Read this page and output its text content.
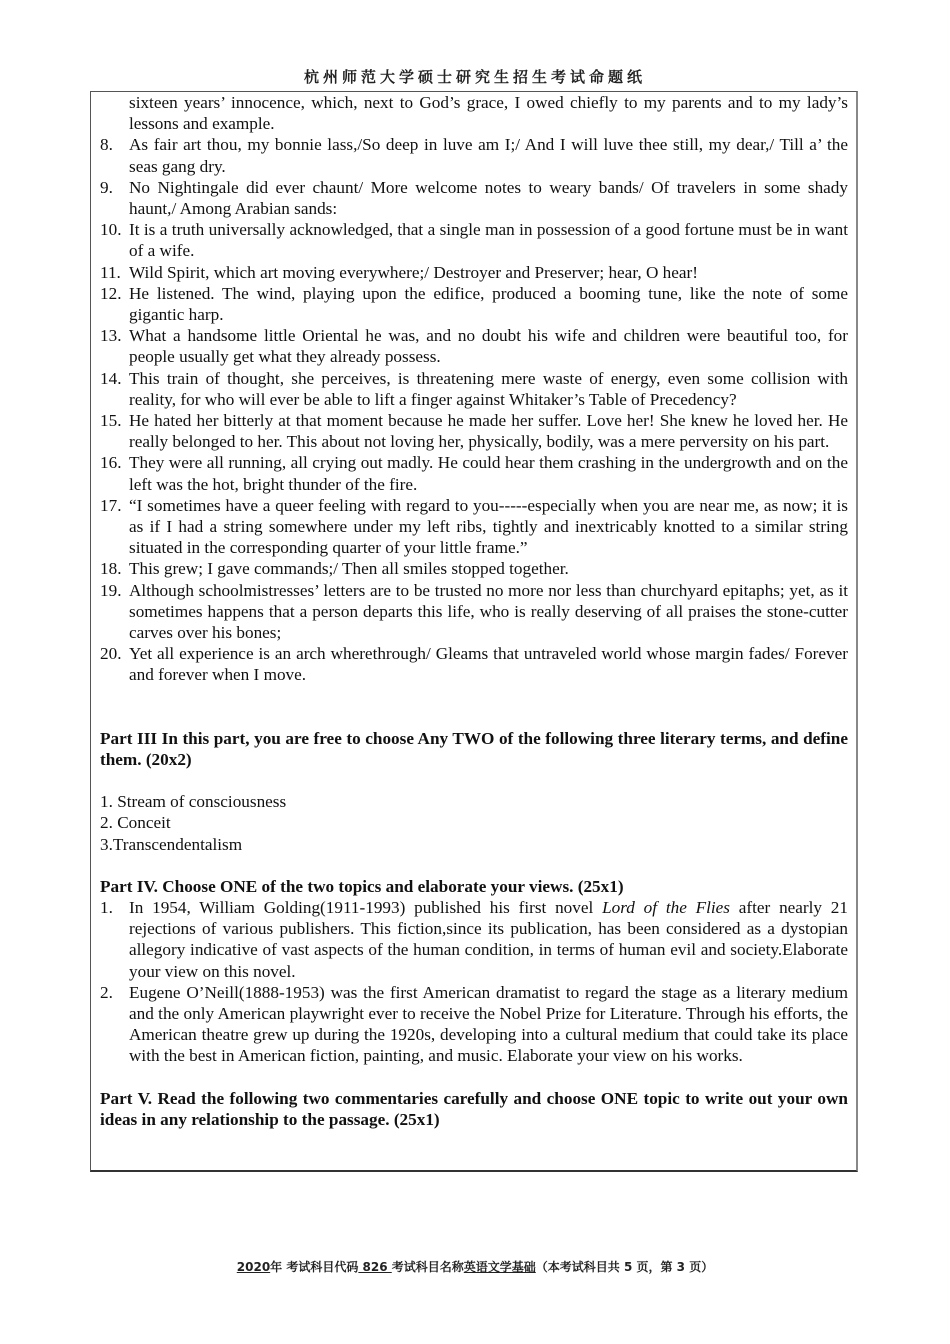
杭州师范大学硕士研究生招生考试命题纸
sixteen years’ innocence, which, next to God’s grace, I owed chiefly to my parents and to my lady’s lessons and example.
8. As fair art thou, my bonnie lass,/So deep in luve am I;/ And I will luve thee still, my dear,/ Till a’ the seas gang dry.
9. No Nightingale did ever chaunt/ More welcome notes to weary bands/ Of travelers in some shady haunt,/ Among Arabian sands:
10. It is a truth universally acknowledged, that a single man in possession of a good fortune must be in want of a wife.
11. Wild Spirit, which art moving everywhere;/ Destroyer and Preserver; hear, O hear!
12. He listened. The wind, playing upon the edifice, produced a booming tune, like the note of some gigantic harp.
13. What a handsome little Oriental he was, and no doubt his wife and children were beautiful too, for people usually get what they already possess.
14. This train of thought, she perceives, is threatening mere waste of energy, even some collision with reality, for who will ever be able to lift a finger against Whitaker’s Table of Precedency?
15. He hated her bitterly at that moment because he made her suffer. Love her! She knew he loved her. He really belonged to her. This about not loving her, physically, bodily, was a mere perversity on his part.
16. They were all running, all crying out madly. He could hear them crashing in the undergrowth and on the left was the hot, bright thunder of the fire.
17. “I sometimes have a queer feeling with regard to you-----especially when you are near me, as now; it is as if I had a string somewhere under my left ribs, tightly and inextricably knotted to a similar string situated in the corresponding quarter of your little frame.”
18. This grew; I gave commands;/ Then all smiles stopped together.
19. Although schoolmistresses’ letters are to be trusted no more nor less than churchyard epitaphs; yet, as it sometimes happens that a person departs this life, who is really deserving of all praises the stone-cutter carves over his bones;
20. Yet all experience is an arch wherethrough/ Gleams that untraveled world whose margin fades/ Forever and forever when I move.
Part III In this part, you are free to choose Any TWO of the following three literary terms, and define them. (20x2)
1. Stream of consciousness
2. Conceit
3.Transcendentalism
Part IV. Choose ONE of the two topics and elaborate your views. (25x1)
1. In 1954, William Golding(1911-1993) published his first novel Lord of the Flies after nearly 21 rejections of various publishers. This fiction,since its publication, has been considered as a dystopian allegory indicative of vast aspects of the human condition, in terms of human evil and society.Elaborate your view on this novel.
2. Eugene O’Neill(1888-1953) was the first American dramatist to regard the stage as a literary medium and the only American playwright ever to receive the Nobel Prize for Literature. Through his efforts, the American theatre grew up during the 1920s, developing into a cultural medium that could take its place with the best in American fiction, painting, and music. Elaborate your view on his works.
Part V. Read the following two commentaries carefully and choose ONE topic to write out your own ideas in any relationship to the passage. (25x1)
2020年 考试科目代码 826 考试科目名称英语文学基础（本考试科目共 5 页，第 3 页）
